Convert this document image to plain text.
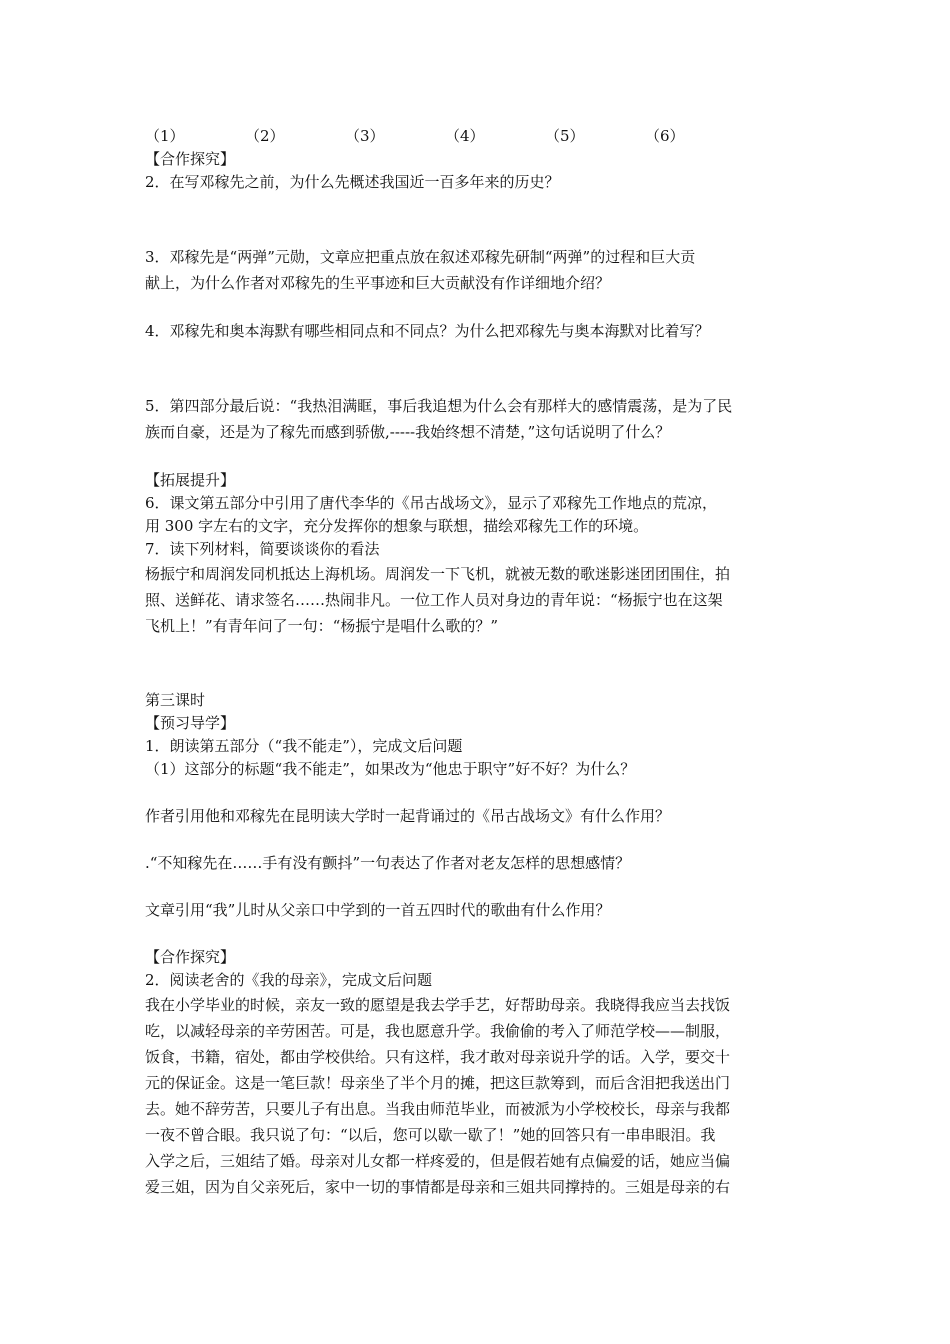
（1）	（2）	（3）	（4）	（5）	（6）
【合作探究】
2．在写邓稼先之前，为什么先概述我国近一百多年来的历史？

3．邓稼先是“两弹”元勋，文章应把重点放在叙述邓稼先研制“两弹”的过程和巨大贡

献上，为什么作者对邓稼先的生平事迹和巨大贡献没有作详细地介绍？

4．邓稼先和奥本海默有哪些相同点和不同点？为什么把邓稼先与奥本海默对比着写？

5．第四部分最后说：“我热泪满眶，事后我追想为什么会有那样大的感情震荡，是为了民

族而自豪，还是为了稼先而感到骄傲,-----我始终想不清楚，”这句话说明了什么？

【拓展提升】
6．课文第五部分中引用了唐代李华的《吊古战场文》，显示了邓稼先工作地点的荒凉，
用 300 字左右的文字，充分发挥你的想象与联想，描绘邓稼先工作的环境。
7．读下列材料，简要谈谈你的看法

杨振宁和周润发同机抵达上海机场。周润发一下飞机，就被无数的歌迷影迷团团围住，拍

照、送鲜花、请求签名……热闹非凡。一位工作人员对身边的青年说：“杨振宁也在这架

飞机上！”有青年问了一句：“杨振宁是唱什么歌的？”

第三课时
【预习导学】
1．朗读第五部分（“我不能走”），完成文后问题
（1）这部分的标题“我不能走”，如果改为“他忠于职守”好不好？为什么？
作者引用他和邓稼先在昆明读大学时一起背诵过的《吊古战场文》有什么作用？
.“不知稼先在……手有没有颤抖”一句表达了作者对老友怎样的思想感情？
文章引用“我”儿时从父亲口中学到的一首五四时代的歌曲有什么作用？
【合作探究】
2．阅读老舍的《我的母亲》，完成文后问题

我在小学毕业的时候，亲友一致的愿望是我去学手艺，好帮助母亲。我晓得我应当去找饭

吃，以减轻母亲的辛劳困苦。可是，我也愿意升学。我偷偷的考入了师范学校——制服，

饭食，书籍，宿处，都由学校供给。只有这样，我才敢对母亲说升学的话。入学，要交十

元的保证金。这是一笔巨款！母亲坐了半个月的摊，把这巨款筹到，而后含泪把我送出门

去。她不辞劳苦，只要儿子有出息。当我由师范毕业，而被派为小学校校长，母亲与我都

一夜不曾合眼。我只说了句：“以后，您可以歇一歇了！”她的回答只有一串串眼泪。我

入学之后，三姐结了婚。母亲对儿女都一样疼爱的，但是假若她有点偏爱的话，她应当偏

爱三姐，因为自父亲死后，家中一切的事情都是母亲和三姐共同撑持的。三姐是母亲的右
